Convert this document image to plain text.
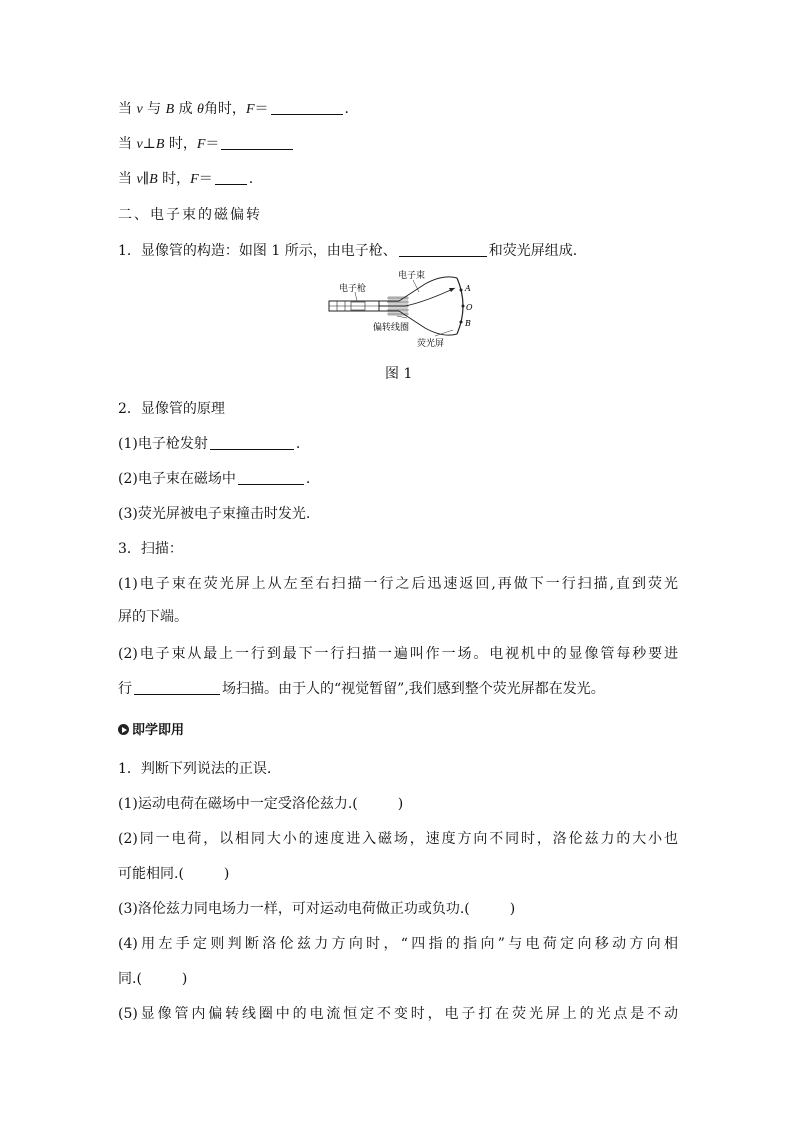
当 v 与 B 成 θ角时，F＝	.
当 v⊥B 时，F＝
当 v∥B 时，F＝	.
二、电子束的磁偏转
1．显像管的构造：如图 1 所示，由电子枪、	和荧光屏组成.
电子枪
电子束
偏转线圈
荧光屏
A
O
B
图 1
2．显像管的原理
(1)电子枪发射	.
(2)电子束在磁场中	.
(3)荧光屏被电子束撞击时发光.
3．扫描：
(1)电子束在荧光屏上从左至右扫描一行之后迅速返回,再做下一行扫描,直到荧光
屏的下端。
(2)电子束从最上一行到最下一行扫描一遍叫作一场。电视机中的显像管每秒要进
行	场扫描。由于人的“视觉暂留”,我们感到整个荧光屏都在发光。
即学即用
1．判断下列说法的正误.
(1)运动电荷在磁场中一定受洛伦兹力.(	)
(2)同一电荷，以相同大小的速度进入磁场，速度方向不同时，洛伦兹力的大小也
可能相同.(	)
(3)洛伦兹力同电场力一样，可对运动电荷做正功或负功.(	)
(4)用左手定则判断洛伦兹力方向时，“四指的指向”与电荷定向移动方向相
同.(	)
(5)显像管内偏转线圈中的电流恒定不变时，电子打在荧光屏上的光点是不动
